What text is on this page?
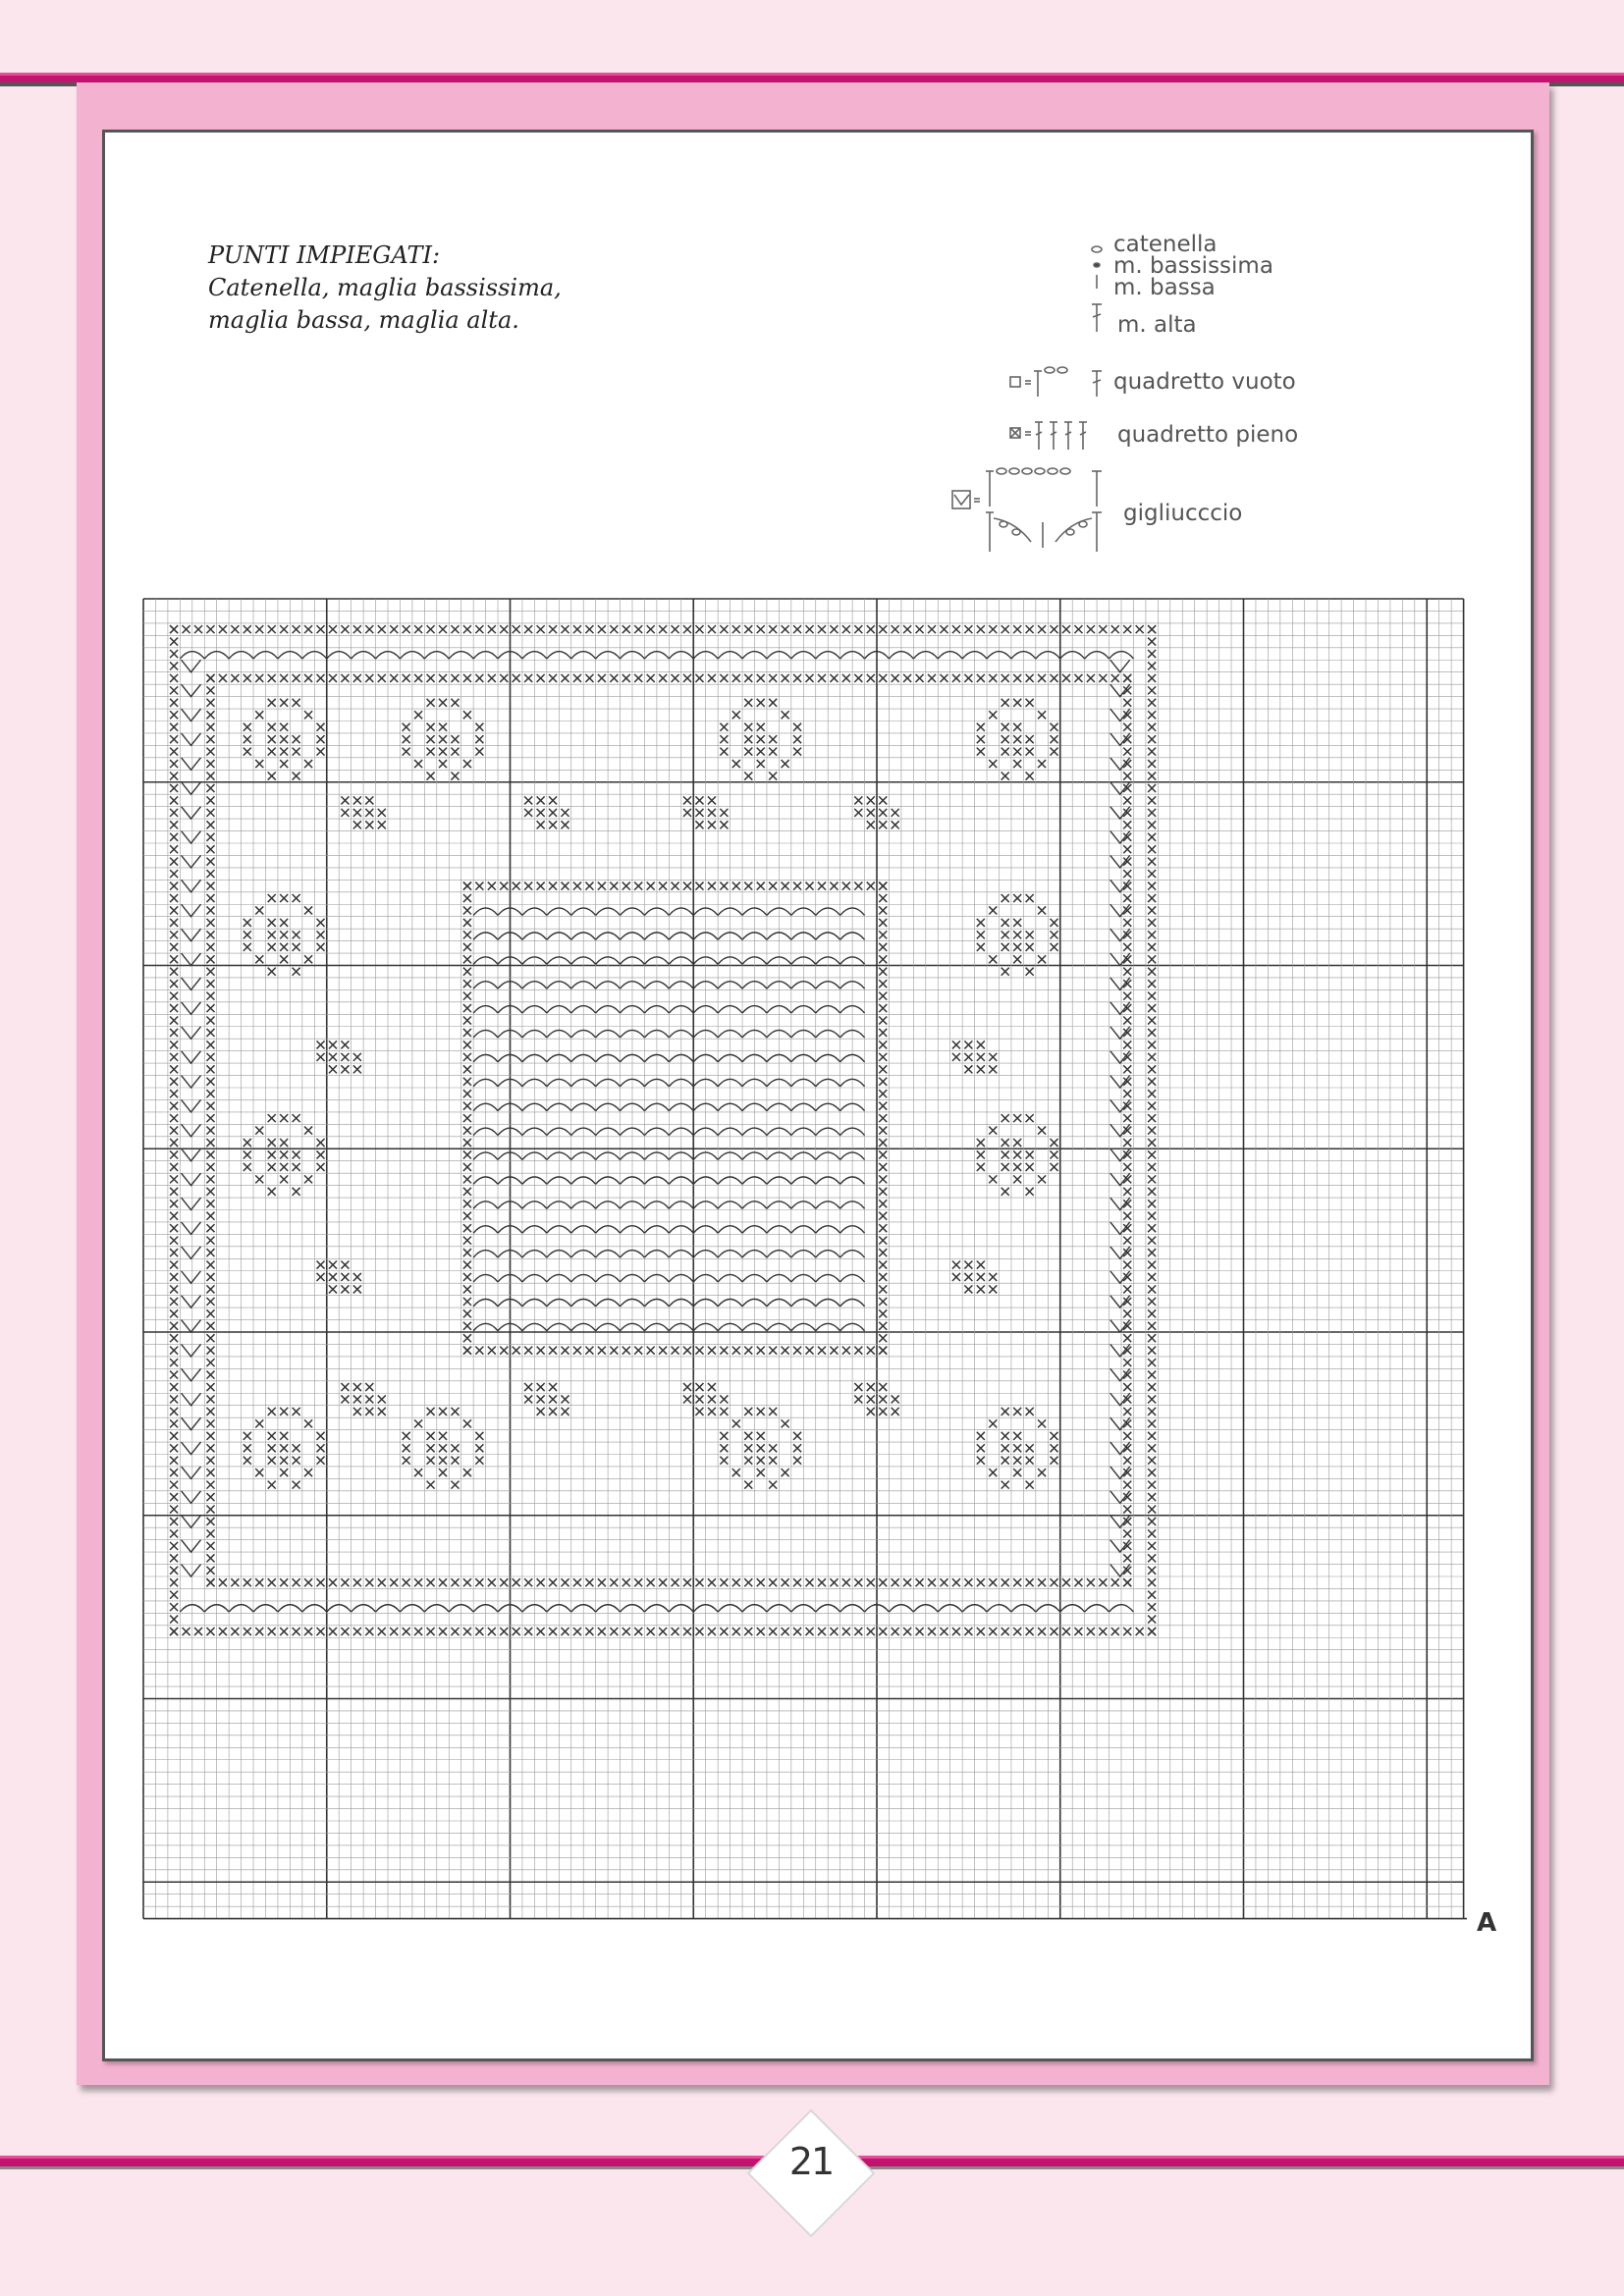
PUNTI IMPIEGATI:
Catenella, maglia bassissima,
maglia bassa, maglia alta.
catenella
m. bassissima
m. bassa
m. alta
quadretto vuoto
quadretto pieno
gigliucccio
A
21
